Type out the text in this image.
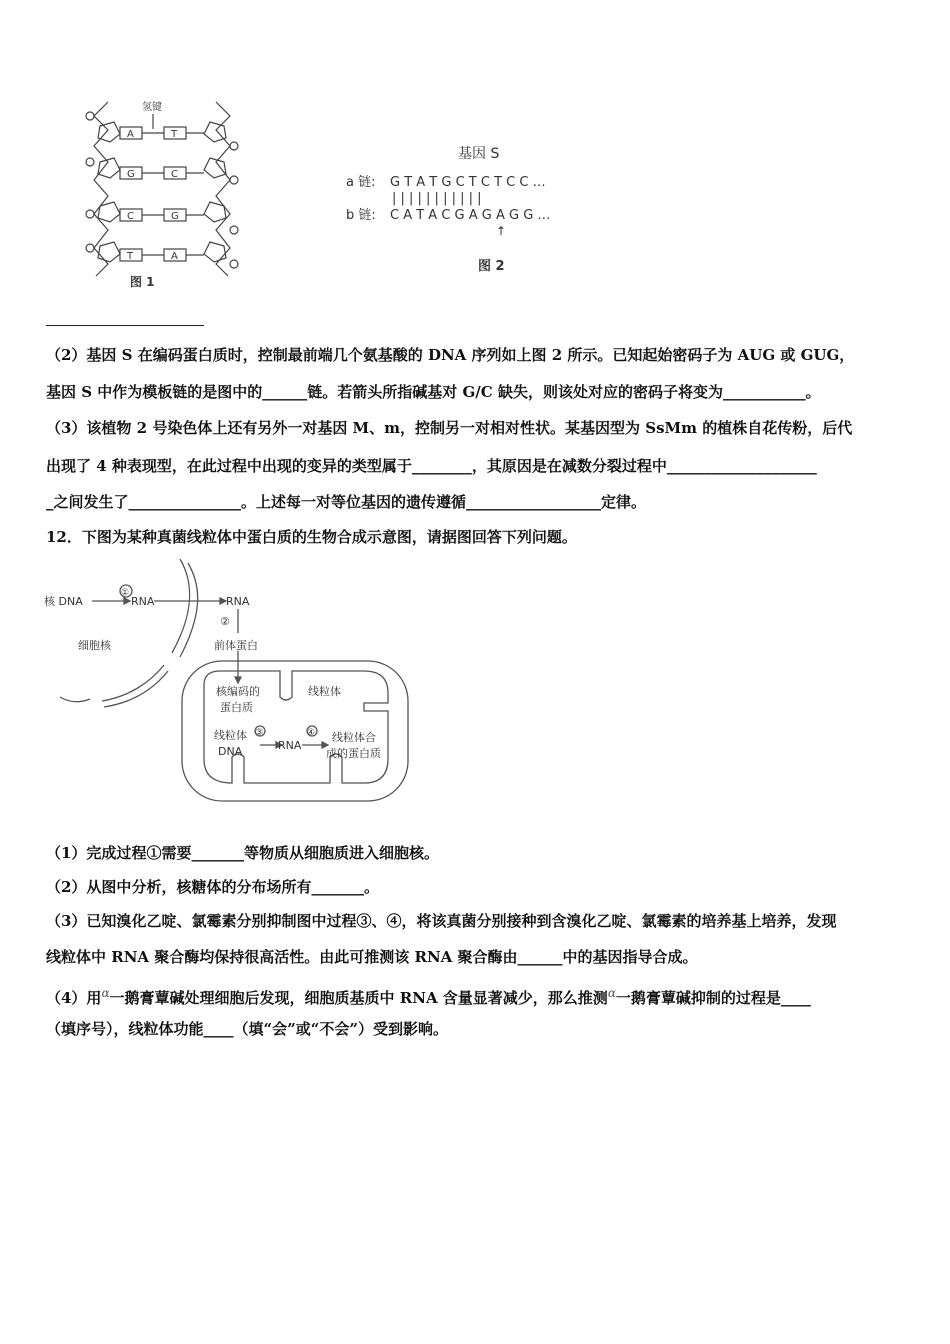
氢键
A	T
G	C
C	G
T	A
图 1
基因 S
a 链: G T A T G C T C T C C …
| | | | | | | | | | |
b 链: C A T A C G A G A G G …
↑
图 2
（2）基因 S 在编码蛋白质时，控制最前端几个氨基酸的 DNA 序列如上图 2 所示。已知起始密码子为 AUG 或 GUG，
基因 S 中作为模板链的是图中的______链。若箭头所指碱基对 G/C 缺失，则该处对应的密码子将变为___________。
（3）该植物 2 号染色体上还有另外一对基因 M、m，控制另一对相对性状。某基因型为 SsMm 的植株自花传粉，后代
出现了 4 种表现型，在此过程中出现的变异的类型属于________，其原因是在减数分裂过程中____________________
_之间发生了_______________。上述每一对等位基因的遗传遵循__________________定律。
12．下图为某种真菌线粒体中蛋白质的生物合成示意图，请据图回答下列问题。
核 DNA
①
RNA	RNA
细胞核
②
前体蛋白
核编码的
蛋白质
线粒体
线粒体
DNA
③
RNA
④ 线粒体合
成的蛋白质
（1）完成过程①需要_______等物质从细胞质进入细胞核。
（2）从图中分析，核糖体的分布场所有_______。
（3）已知溴化乙啶、氯霉素分别抑制图中过程③、④，将该真菌分别接种到含溴化乙啶、氯霉素的培养基上培养，发现
线粒体中 RNA 聚合酶均保持很高活性。由此可推测该 RNA 聚合酶由______中的基因指导合成。
（4）用$^\alpha$一鹅膏蕈碱处理细胞后发现，细胞质基质中 RNA 含量显著减少，那么推测$^\alpha$一鹅膏蕈碱抑制的过程是____
（填序号），线粒体功能____（填“会”或“不会”）受到影响。
